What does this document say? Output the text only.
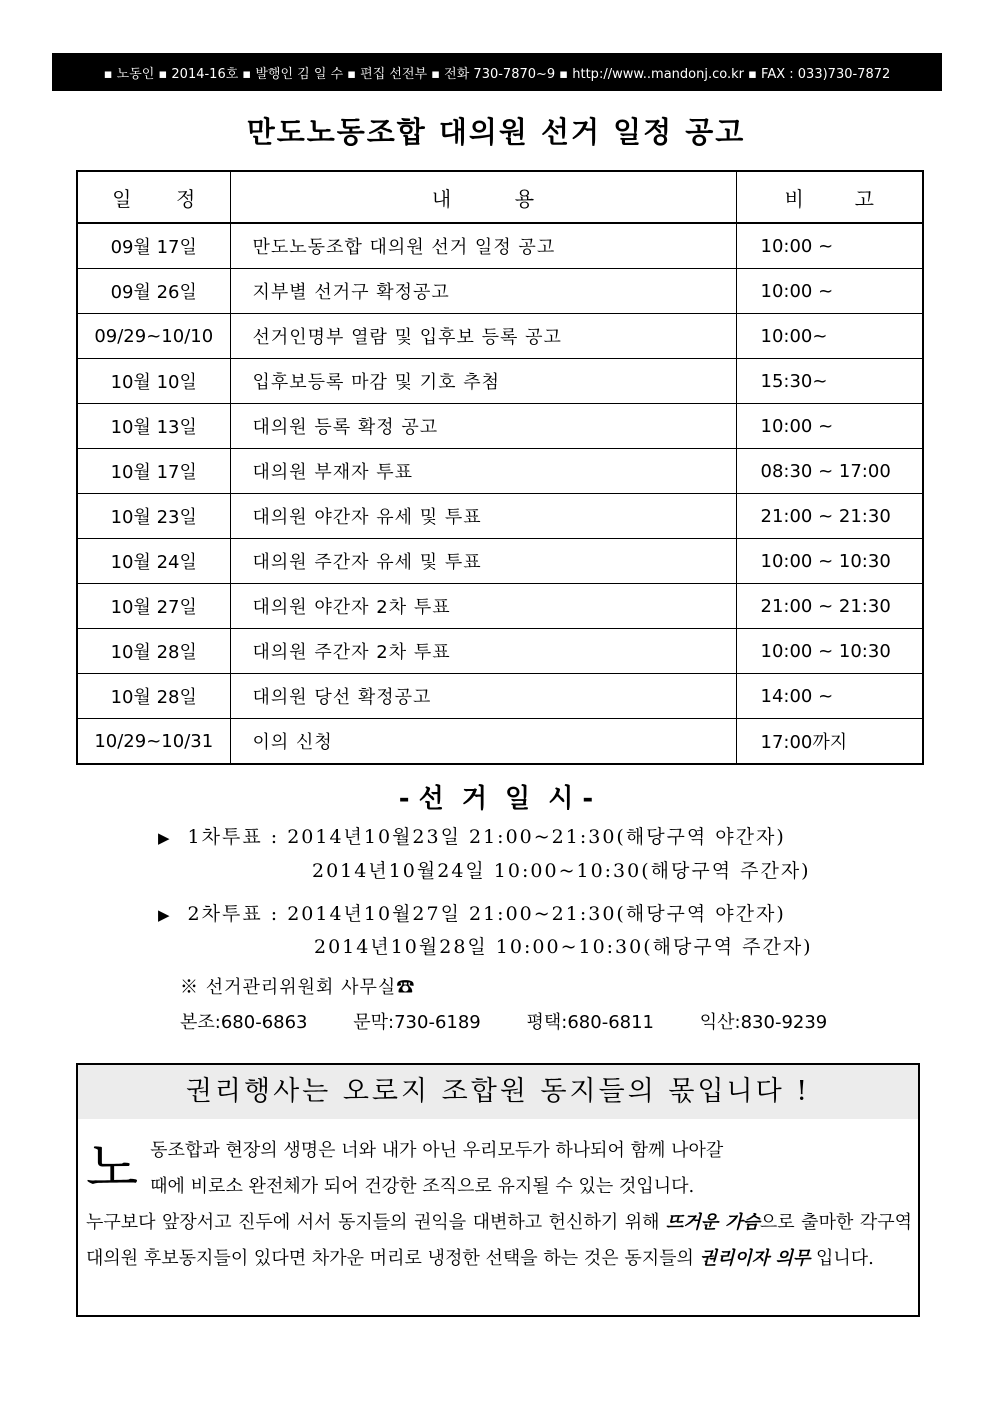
▪ 노동인 ▪ 2014-16호 ▪ 발행인 김 일 수 ▪ 편집 선전부 ▪ 전화 730-7870~9 ▪ http://www..mandonj.co.kr ▪ FAX : 033)730-7872
만도노동조합 대의원 선거 일정 공고
일       정	내          용	비        고
09월 17일	만도노동조합 대의원 선거 일정 공고	10:00 ~
09월 26일	지부별 선거구 확정공고	10:00 ~
09/29~10/10	선거인명부 열람 및 입후보 등록 공고	10:00~
10월 10일	입후보등록 마감 및 기호 추첨	15:30~
10월 13일	대의원 등록 확정 공고	10:00 ~
10월 17일	대의원 부재자 투표	08:30 ~ 17:00
10월 23일	대의원 야간자 유세 및 투표	21:00 ~ 21:30
10월 24일	대의원 주간자 유세 및 투표	10:00 ~ 10:30
10월 27일	대의원 야간자 2차 투표	21:00 ~ 21:30
10월 28일	대의원 주간자 2차 투표	10:00 ~ 10:30
10월 28일	대의원 당선 확정공고	14:00 ~
10/29~10/31	이의 신청	17:00까지
- 선  거  일  시 -
▶ 1차투표 : 2014년10월23일 21:00~21:30(해당구역 야간자)
2014년10월24일 10:00~10:30(해당구역 주간자)
▶ 2차투표 : 2014년10월27일 21:00~21:30(해당구역 야간자)
2014년10월28일 10:00~10:30(해당구역 주간자)
※ 선거관리위원회 사무실☎
본조:680-6863	문막:730-6189	평택:680-6811	익산:830-9239
권리행사는 오로지 조합원 동지들의 몫입니다 !
노 동조합과 현장의 생명은 너와 내가 아닌 우리모두가 하나되어 함께 나아갈
때에 비로소 완전체가 되어 건강한 조직으로 유지될 수 있는 것입니다.
누구보다 앞장서고 진두에 서서 동지들의 권익을 대변하고 헌신하기 위해 뜨거운 가슴으로 출마한 각구역 대의원 후보동지들이 있다면 차가운 머리로 냉정한 선택을 하는 것은 동지들의 권리이자 의무 입니다.
